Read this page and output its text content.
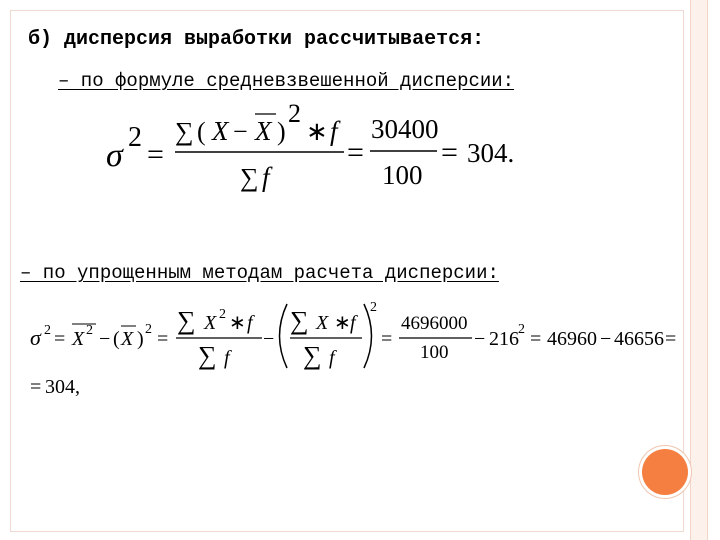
б) дисперсия выработки рассчитывается:
– по формуле средневзвешенной дисперсии:
– по упрощенным методам расчета дисперсии:
σ 2
=
∑ ( X − X )
2
∗ f
∑ f
=
30400
100
= 304.
σ 2 = X 2 − ( X ) 2 =
∑ X 2 ∗ f
∑ f
−
∑ X ∗ f
∑ f
2
=
4696000
100
− 216 2 = 46960 − 46656 =
= 304,
